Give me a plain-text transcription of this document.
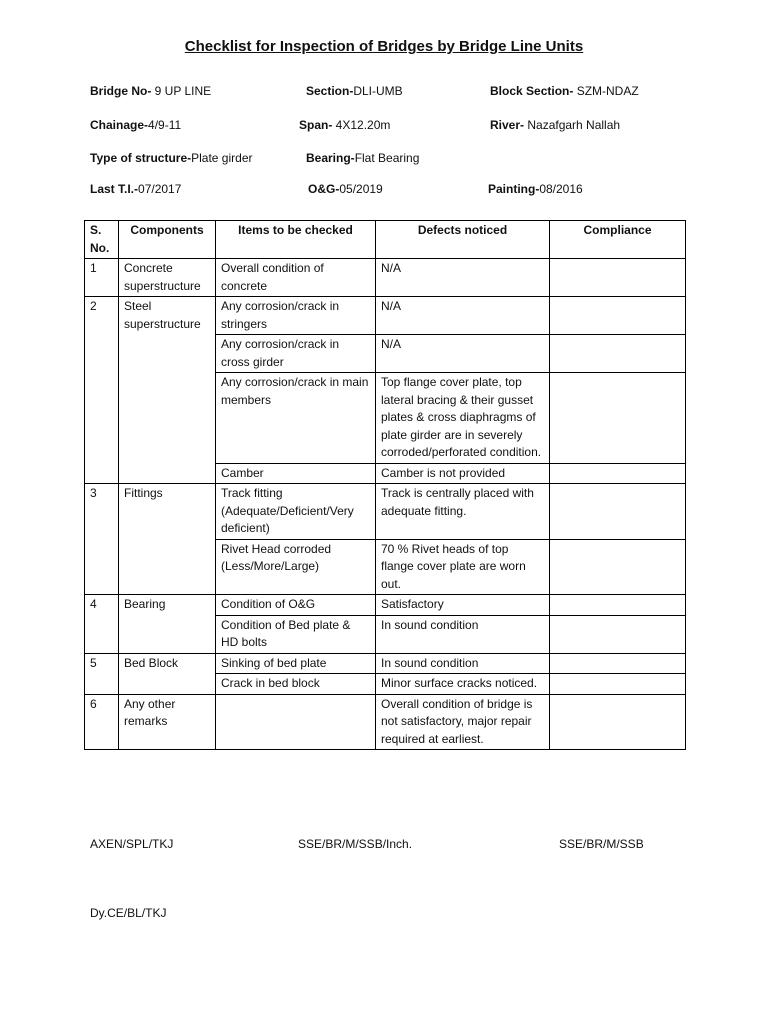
Checklist for Inspection of Bridges by Bridge Line Units
Bridge No- 9 UP LINE	Section-DLI-UMB	Block Section- SZM-NDAZ
Chainage-4/9-11	Span- 4X12.20m	River- Nazafgarh Nallah
Type of structure-Plate girder	Bearing-Flat Bearing
Last T.I.-07/2017	O&G-05/2019	Painting-08/2016
S. No.	Components	Items to be checked	Defects noticed	Compliance
1	Concrete superstructure	Overall condition of concrete	N/A	
2	Steel superstructure	Any corrosion/crack in stringers	N/A	
		Any corrosion/crack in cross girder	N/A	
		Any corrosion/crack in main members	Top flange cover plate, top lateral bracing & their gusset plates & cross diaphragms of plate girder are in severely corroded/perforated condition.	
		Camber	Camber is not provided	
3	Fittings	Track fitting (Adequate/Deficient/Very deficient)	Track is centrally placed with adequate fitting.	
		Rivet Head corroded (Less/More/Large)	70 % Rivet heads of top flange cover plate are worn out.	
4	Bearing	Condition of O&G	Satisfactory	
		Condition of Bed plate & HD bolts	In sound condition	
5	Bed Block	Sinking of bed plate	In sound condition	
		Crack in bed block	Minor surface cracks noticed.	
6	Any other remarks		Overall condition of bridge is not satisfactory, major repair required at earliest.	
AXEN/SPL/TKJ	SSE/BR/M/SSB/Inch.	SSE/BR/M/SSB
Dy.CE/BL/TKJ
